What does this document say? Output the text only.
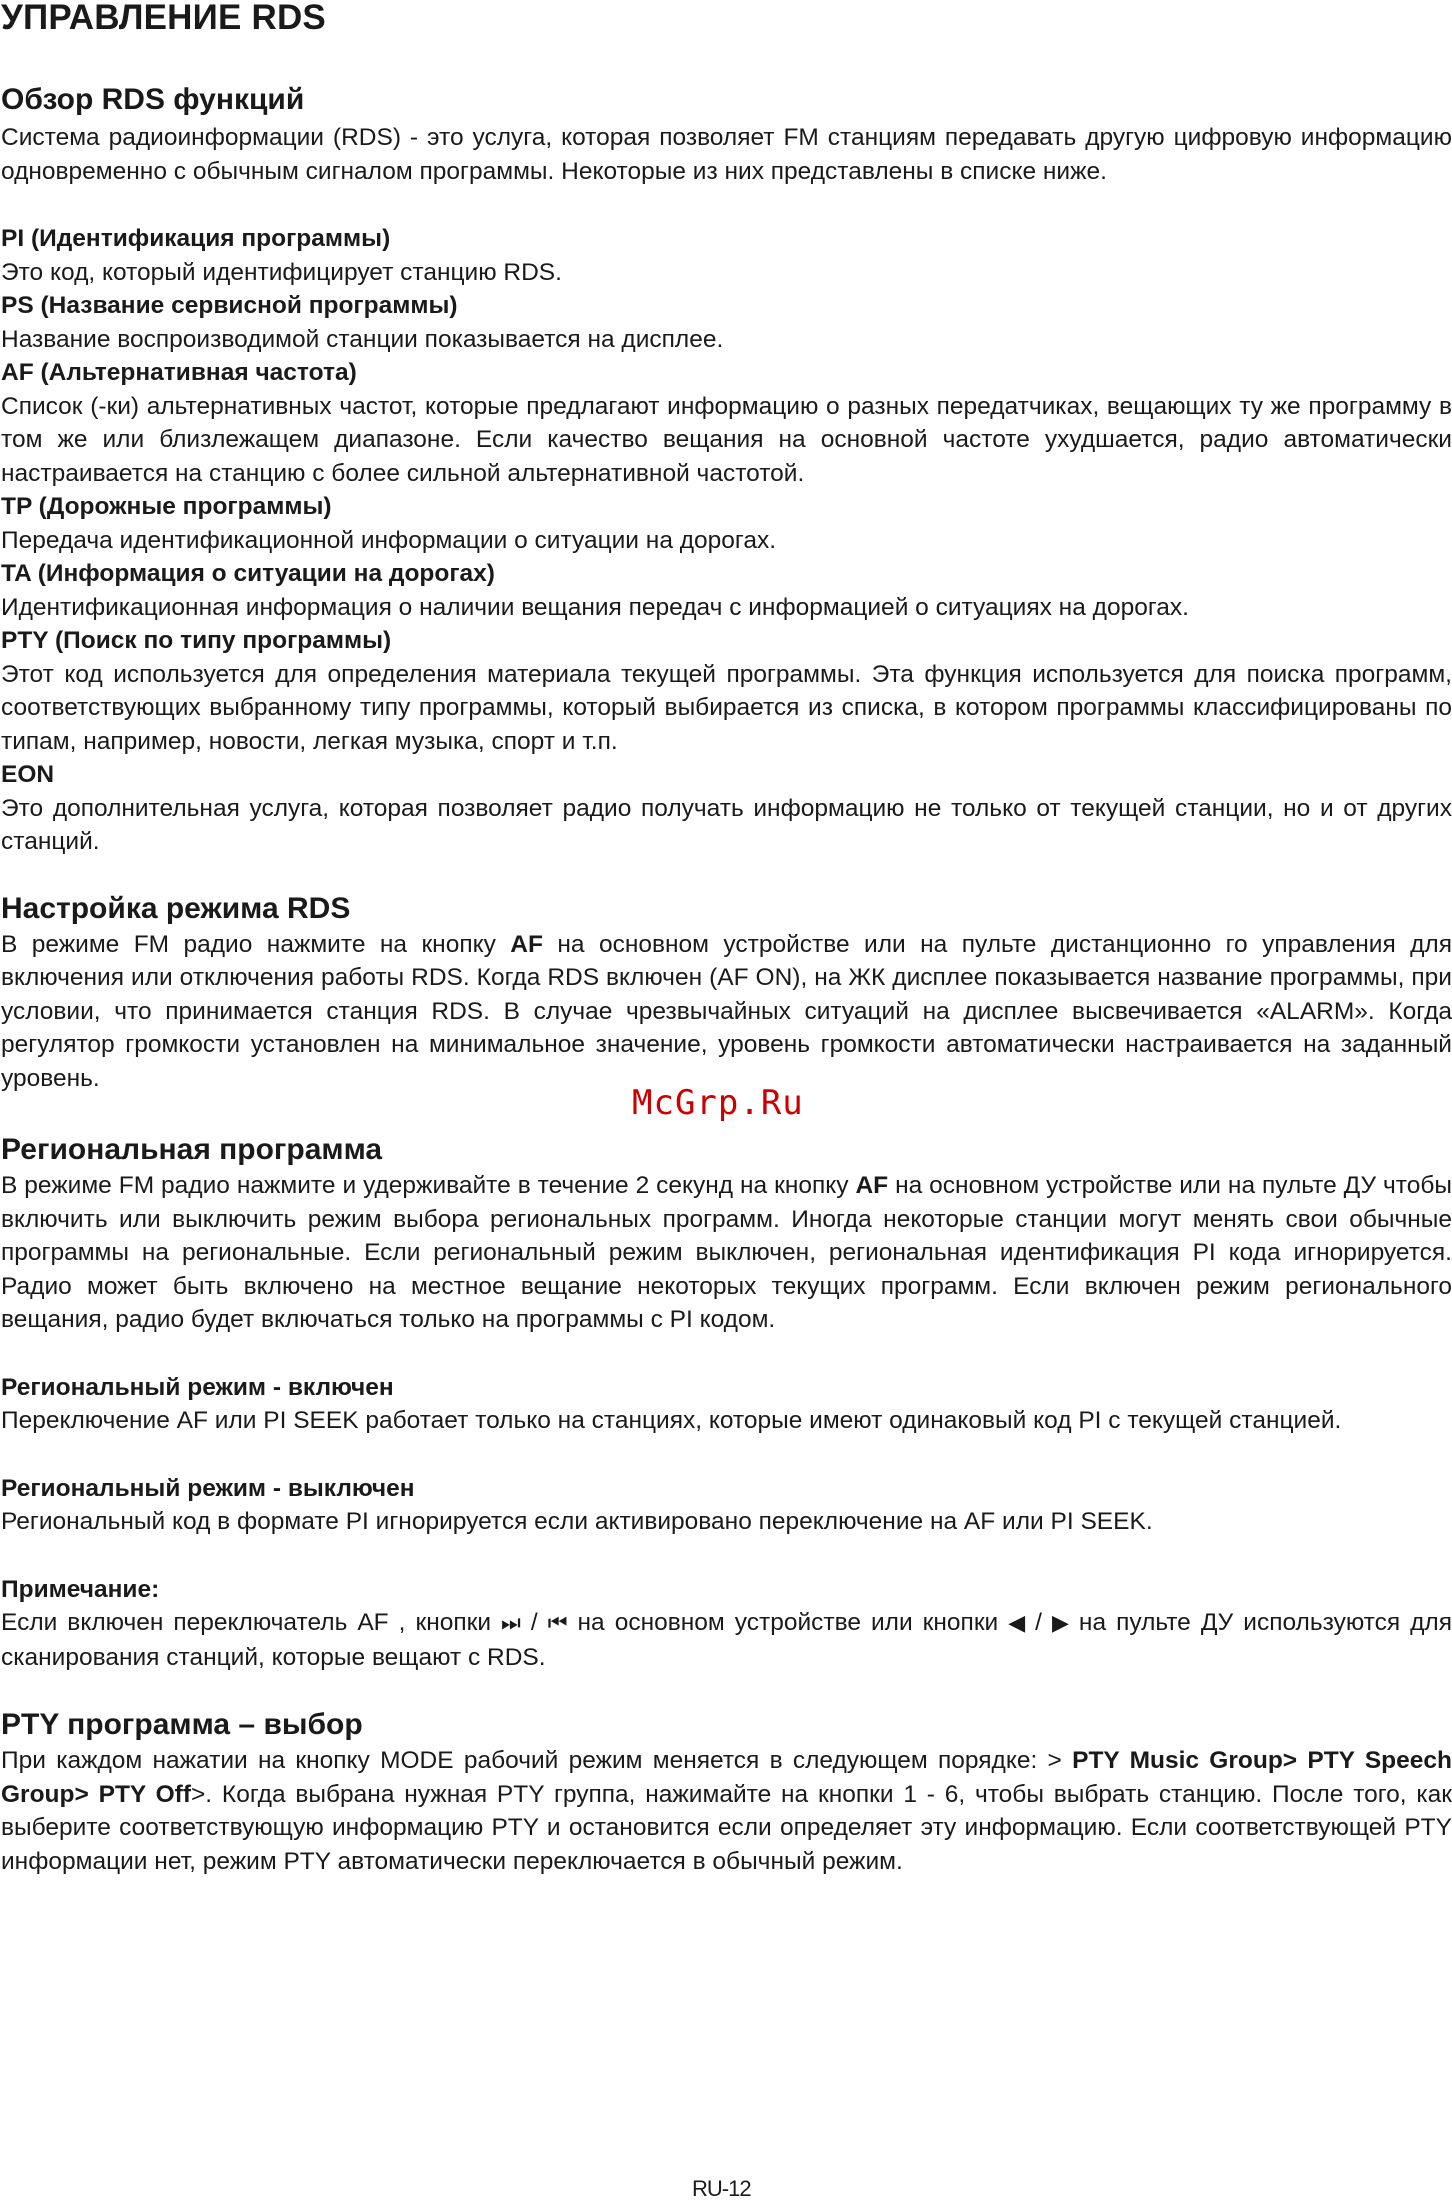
УПРАВЛЕНИЕ RDS
Обзор RDS функций

Система радиоинформации (RDS) - это услуга, которая позволяет FM станциям передавать другую цифровую информацию одновременно с обычным сигналом программы. Некоторые из них представлены в списке ниже.

PI (Идентификация программы)

Это код, который идентифицирует станцию RDS.

PS (Название сервисной программы)

Название воспроизводимой станции показывается на дисплее.

AF (Альтернативная частота)

Список (-ки) альтернативных частот, которые предлагают информацию о разных передатчиках, вещающих ту же программу в том же или близлежащем диапазоне. Если качество вещания на основной частоте ухудшается, радио автоматически настраивается на станцию с более сильной альтернативной частотой.

TP (Дорожные программы)

Передача идентификационной информации о ситуации на дорогах.

TA (Информация о ситуации на дорогах)

Идентификационная информация о наличии вещания передач с информацией о ситуациях на дорогах.

PTY (Поиск по типу программы)

Этот код используется для определения материала текущей программы. Эта функция используется для поиска программ, соответствующих выбранному типу программы, который выбирается из списка, в котором программы классифицированы по типам, например, новости, легкая музыка, спорт и т.п.

EON

Это дополнительная услуга, которая позволяет радио получать информацию не только от текущей станции, но и от других станций.

Настройка режима RDS

В режиме FM радио нажмите на кнопку AF на основном устройстве или на пульте дистанционно го управления для включения или отключения работы RDS. Когда RDS включен (AF ON), на ЖК дисплее показывается название программы, при условии, что принимается станция RDS. В случае чрезвычайных ситуаций на дисплее высвечивается «ALARM». Когда регулятор громкости установлен на минимальное значение, уровень громкости автоматически настраивается на заданный уровень.

Региональная программа

В режиме FM радио нажмите и удерживайте в течение 2 секунд на кнопку AF на основном устройстве или на пульте ДУ чтобы включить или выключить режим выбора региональных программ. Иногда некоторые станции могут менять свои обычные программы на региональные. Если региональный режим выключен, региональная идентификация PI кода игнорируется. Радио может быть включено на местное вещание некоторых текущих программ. Если включен режим регионального вещания, радио будет включаться только на программы с PI кодом.

Региональный режим - включен

Переключение AF или PI SEEK работает только на станциях, которые имеют одинаковый код PI с текущей станцией.

Региональный режим - выключен

Региональный код в формате PI игнорируется если активировано переключение на AF или PI SEEK.

Примечание:

Если включен переключатель AF , кнопки ⏭ / ⏮ на основном устройстве или кнопки ◀ / ▶ на пульте ДУ используются для сканирования станций, которые вещают с RDS.

PTY программа – выбор

При каждом нажатии на кнопку MODE рабочий режим меняется в следующем порядке: > PTY Music Group> PTY Speech Group> PTY Off>. Когда выбрана нужная PTY группа, нажимайте на кнопки 1 - 6, чтобы выбрать станцию. После того, как выберите соответствующую информацию PTY и остановится если определяет эту информацию. Если соответствующей PTY информации нет, режим PTY автоматически переключается в обычный режим.

McGrp.Ru
RU-12
